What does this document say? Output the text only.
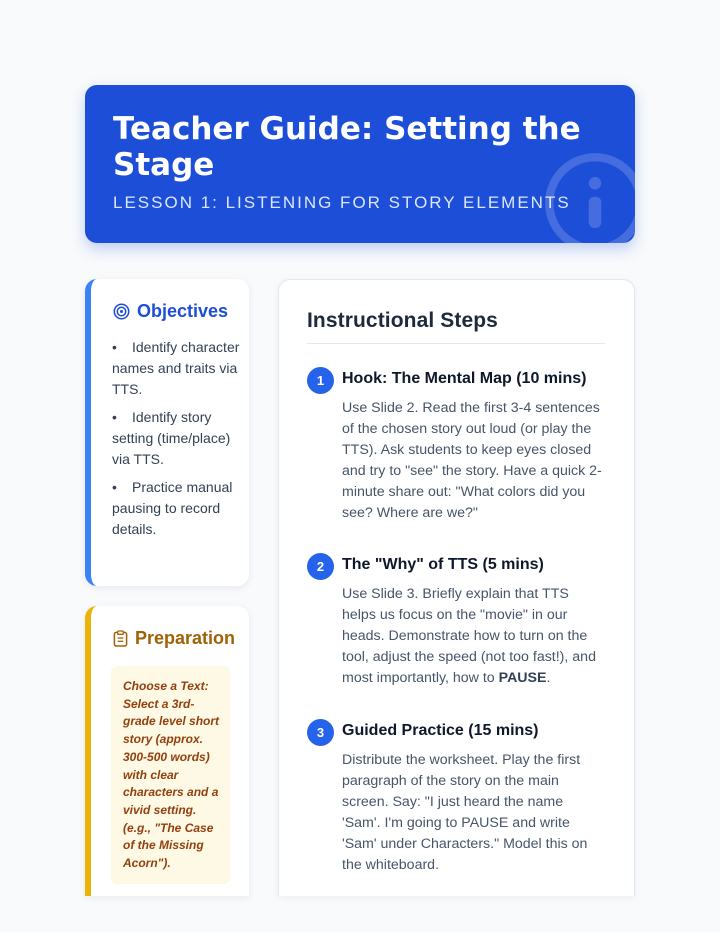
Teacher Guide: Setting the Stage
LESSON 1: LISTENING FOR STORY ELEMENTS
Objectives
• Identify character names and traits via TTS.
• Identify story setting (time/place) via TTS.
• Practice manual pausing to record details.
Preparation
Choose a Text: Select a 3rd-grade level short story (approx. 300-500 words) with clear characters and a vivid setting. (e.g., "The Case of the Missing Acorn").
Instructional Steps
1	Hook: The Mental Map (10 mins)
Use Slide 2. Read the first 3-4 sentences of the chosen story out loud (or play the TTS). Ask students to keep eyes closed and try to "see" the story. Have a quick 2-minute share out: "What colors did you see? Where are we?"
2	The "Why" of TTS (5 mins)
Use Slide 3. Briefly explain that TTS helps us focus on the "movie" in our heads. Demonstrate how to turn on the tool, adjust the speed (not too fast!), and most importantly, how to PAUSE.
3	Guided Practice (15 mins)
Distribute the worksheet. Play the first paragraph of the story on the main screen. Say: "I just heard the name 'Sam'. I'm going to PAUSE and write 'Sam' under Characters." Model this on the whiteboard.
